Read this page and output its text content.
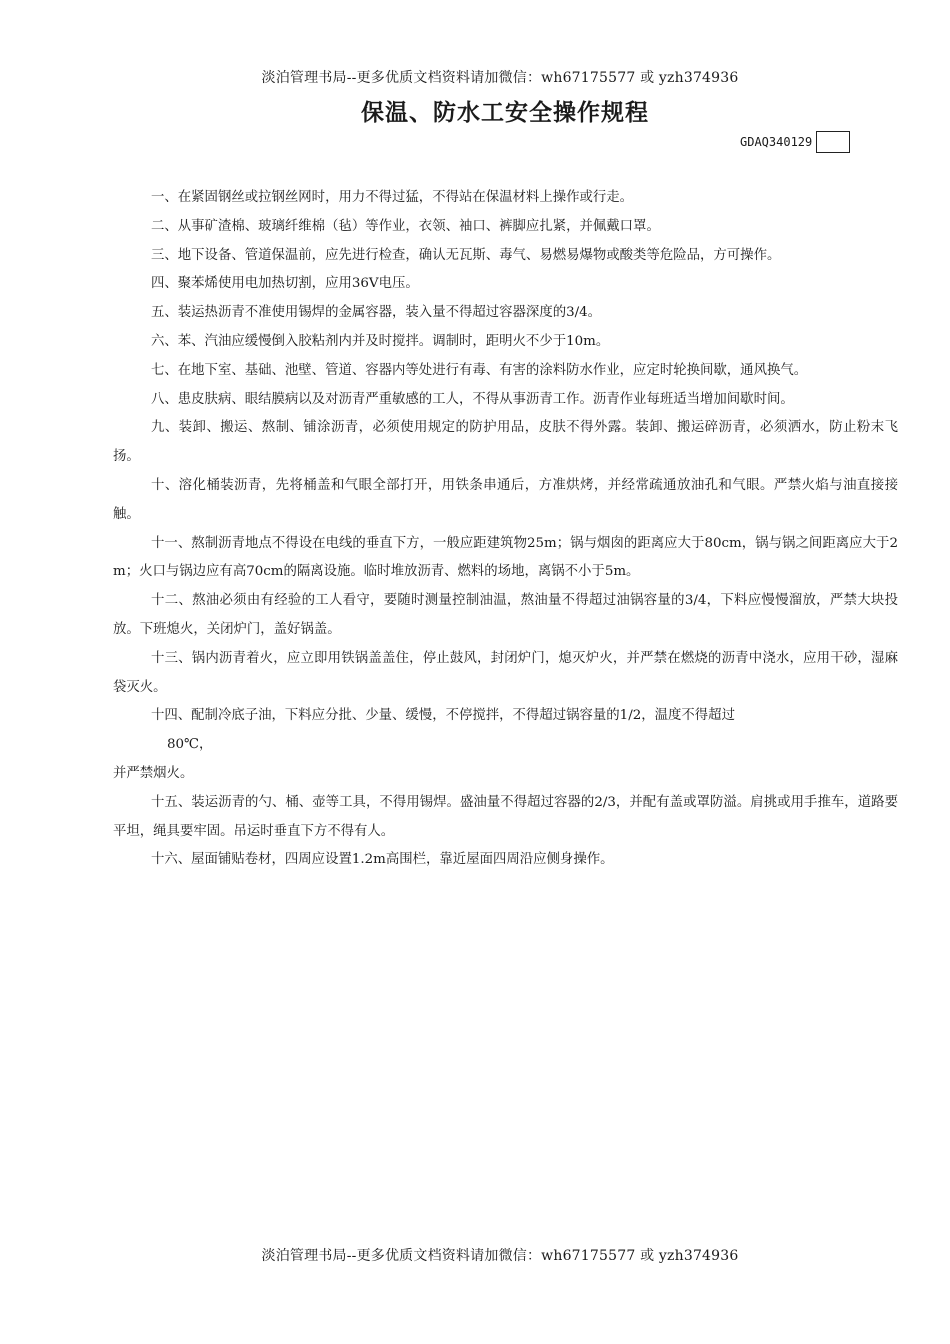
淡泊管理书局--更多优质文档资料请加微信：wh67175577 或 yzh374936
保温、防水工安全操作规程
GDAQ340129

一、在紧固钢丝或拉钢丝网时，用力不得过猛，不得站在保温材料上操作或行走。

二、从事矿渣棉、玻璃纤维棉（毡）等作业，衣领、袖口、裤脚应扎紧，并佩戴口罩。

三、地下设备、管道保温前，应先进行检查，确认无瓦斯、毒气、易燃易爆物或酸类等危险品，方可操作。

四、聚苯烯使用电加热切割，应用36V电压。

五、装运热沥青不准使用锡焊的金属容器，装入量不得超过容器深度的3/4。

六、苯、汽油应缓慢倒入胶粘剂内并及时搅拌。调制时，距明火不少于10m。

七、在地下室、基础、池壁、管道、容器内等处进行有毒、有害的涂料防水作业，应定时轮换间歇，通风换气。

八、患皮肤病、眼结膜病以及对沥青严重敏感的工人，不得从事沥青工作。沥青作业每班适当增加间歇时间。

九、装卸、搬运、熬制、铺涂沥青，必须使用规定的防护用品，皮肤不得外露。装卸、搬运碎沥青，必须洒水，防止粉末飞扬。

十、溶化桶装沥青，先将桶盖和气眼全部打开，用铁条串通后，方准烘烤，并经常疏通放油孔和气眼。严禁火焰与油直接接触。

十一、熬制沥青地点不得设在电线的垂直下方，一般应距建筑物25m；锅与烟囱的距离应大于80cm，锅与锅之间距离应大于2m；火口与锅边应有高70cm的隔离设施。临时堆放沥青、燃料的场地，离锅不小于5m。

十二、熬油必须由有经验的工人看守，要随时测量控制油温，熬油量不得超过油锅容量的3/4，下料应慢慢溜放，严禁大块投放。下班熄火，关闭炉门，盖好锅盖。

十三、锅内沥青着火，应立即用铁锅盖盖住，停止鼓风，封闭炉门，熄灭炉火，并严禁在燃烧的沥青中浇水，应用干砂，湿麻袋灭火。

十四、配制冷底子油，下料应分批、少量、缓慢，不停搅拌，不得超过锅容量的1/2，温度不得超过
80℃，
并严禁烟火。

十五、装运沥青的勺、桶、壶等工具，不得用锡焊。盛油量不得超过容器的2/3，并配有盖或罩防溢。肩挑或用手推车，道路要平坦，绳具要牢固。吊运时垂直下方不得有人。

十六、屋面铺贴卷材，四周应设置1.2m高围栏，靠近屋面四周沿应侧身操作。

淡泊管理书局--更多优质文档资料请加微信：wh67175577 或 yzh374936
